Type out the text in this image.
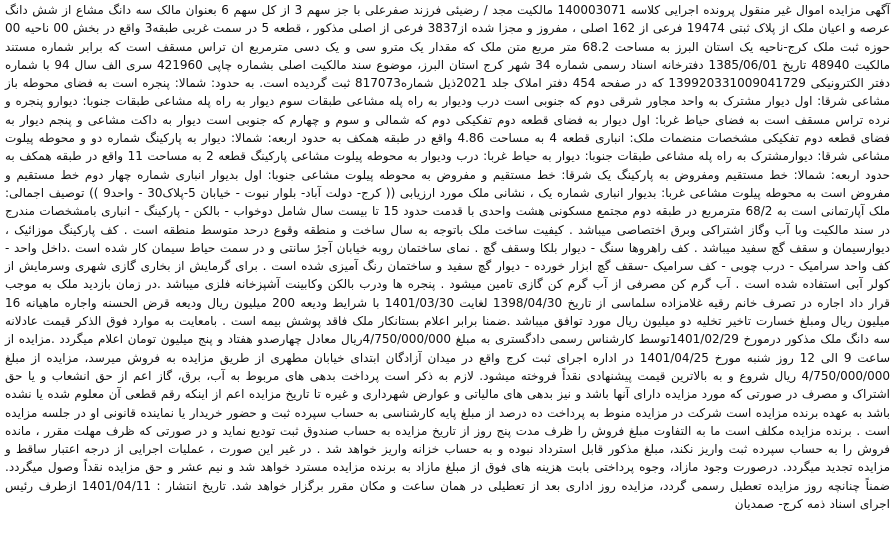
آگهی مزایده اموال غیر منقول پرونده اجرایی کلاسه 140003071 مالکیت مجد / رضیئی فرزند صفرعلی با جز سهم 3 از کل سهم 6 بعنوان مالک سه دانگ مشاع از شش دانگ عرصه و اعیان ملک از پلاک ثبتی 19474 فرعی از 162 اصلی ، مفروز و مجزا شده از3837 فرعی از اصلی مذکور ، قطعه 5 در سمت غربی طبقه3 واقع در بخش 00 ناحیه 00 حوزه ثبت ملک کرج-ناحیه یک استان البرز به مساحت 68.2 متر مربع متن ملک که مقدار یک مترو سی و یک دسی مترمربع ان تراس مسقف است که برابر شماره مستند مالکیت 48940 تاریخ 1385/06/01 دفترخانه اسناد رسمی شماره 34 شهر کرج استان البرز، موضوع سند مالکیت اصلی بشماره چاپی 421960 سری الف سال 94 با شماره دفتر الکترونیکی 139920331009041729 که در صفحه 454 دفتر املاک جلد 2021ذیل شماره817073 ثبت گردیده است. به حدود: شمالا: پنجره است به فضای محوطه باز مشاعی شرقا: اول دیوار مشترک به واحد مجاور شرقی دوم که جنوبی است درب ودیوار به راه پله مشاعی طبقات سوم دیوار به راه پله مشاعی طبقات جنوبا: دیوارو پنجره و نرده تراس مسقف است به فضای حیاط غربا: اول دیوار به فضای قطعه دوم تفکیکی دوم که شمالی و سوم و چهارم که جنوبی است دیوار به داکت مشاعی و پنجم دیوار به فضای قطعه دوم تفکیکی مشخصات منضمات ملک: انباری قطعه 4 به مساحت 4.86 واقع در طبقه همکف به حدود اربعه: شمالا: دیوار به پارکینگ شماره دو و محوطه پیلوت مشاعی شرقا: دیوارمشترک به راه پله مشاعی طبقات جنوبا: دیوار به حیاط غربا: درب ودیوار به محوطه پیلوت مشاعی پارکینگ قطعه 2 به مساحت 11 واقع در طبقه همکف به حدود اربعه: شمالا: خط مستقیم ومفروض به پارکینگ یک شرقا: خط مستقیم و مفروض به محوطه پیلوت مشاعی جنوبا: اول بدیوار انباری شماره چهار دوم خط مستقیم و مفروض است به محوطه پیلوت مشاعی غربا: بدیوار انباری شماره یک ، نشانی ملک مورد ارزیابی (( کرج- دولت آباد- بلوار نبوت - خیابان 5-پلاک30 - واحد9 )) توصیف اجمالی: ملک آپارتمانی است به 68/2 مترمربع در طبقه دوم مجتمع مسکونی هشت واحدی با قدمت حدود 15 تا بیست سال شامل دوخواب - بالکن - پارکینگ - انباری بامشخصات مندرج در سند مالکیت وبا آب وگاز اشتراکی وبرق اختصاصی میباشد . کیفیت ساخت ملک باتوجه به سال ساخت و منطقه وقوع درحد متوسط منطقه است . کف پارکینگ موزائیک ، دیوارسیمان و سقف گچ سفید میباشد . کف راهروها سنگ - دیوار بلکا وسقف گچ . نمای ساختمان روبه خیابان آجرٔ سانتی و در سمت حیاط سیمان کار شده است .داخل واحد - کف واحد سرامیک - درب چوبی - کف سرامیک -سقف گچ ابزار خورده - دیوار گچ سفید و ساختمان رنگ آمیزی شده است . برای گرمایش از بخاری گازی شهری وسرمایش از کولر آبی استفاده شده است . آب گرم کن مصرفی از آب گرم کن گازی تامین میشود . پنجره ها ودرب بالکن وکابینت آشپزخانه فلزی میباشد .در زمان بازدید ملک به موجب قرار داد اجاره در تصرف خانم رقیه غلامزاده سلماسی از تاریخ 1398/04/30 لغایت 1401/03/30 با شرایط ودیعه 200 میلیون ریال ودیعه قرض الحسنه واجاره ماهیانه 16 میلیون ریال ومبلغ خسارت تاخیر تخلیه دو میلیون ریال مورد توافق میباشد .ضمنا برابر اعلام بستانکار ملک فاقد پوشش بیمه است . بامعایت به موارد فوق الذکر قیمت عادلانه سه دانگ ملک مذکور درمورخ 1401/02/29توسط کارشناس رسمی دادگستری به مبلغ 4/750/000/000ریال معادل چهارصدو هفتاد و پنج میلیون تومان اعلام میگردد .مزایده از ساعت 9 الی 12 روز شنبه مورخ 1401/04/25 در اداره اجرای ثبت کرج واقع در میدان آزادگان ابتدای خیابان مطهری از طریق مزایده به فروش میرسد، مزایده از مبلغ 4/750/000/000 ریال شروع و به بالاترین قیمت پیشنهادی نقداً فروخته میشود. لازم به ذکر است پرداخت بدهی های مربوط به آب، برق، گاز اعم از حق انشعاب و یا حق اشتراک و مصرف در صورتی که مورد مزایده دارای آنها باشد و نیز بدهی های مالیاتی و عوارض شهرداری و غیره تا تاریخ مزایده اعم از اینکه رقم قطعی آن معلوم شده یا نشده باشد به عهده برنده مزایده است شرکت در مزایده منوط به پرداخت ده درصد از مبلغ پایه کارشناسی به حساب سپرده ثبت و حضور خریدار یا نماینده قانونی او در جلسه مزایده است . برنده مزایده مکلف است ما به التفاوت مبلغ فروش را ظرف مدت پنج روز از تاریخ مزایده به حساب صندوق ثبت تودیع نماید و در صورتی که ظرف مهلت مقرر ، مانده فروش را به حساب سپرده ثبت واریز نکند، مبلغ مذکور قابل استرداد نبوده و به حساب خزانه واریز خواهد شد . در غیر این صورت ، عملیات اجرایی از درجه اعتبار ساقط و مزایده تجدید میگردد. درصورت وجود مازاد، وجوه پرداختی بابت هزینه های فوق از مبلغ مازاد به برنده مزایده مسترد خواهد شد و نیم عشر و حق مزایده نقداً وصول میگردد. ضمناً چنانچه روز مزایده تعطیل رسمی گردد، مزایده روز اداری بعد از تعطیلی در همان ساعت و مکان مقرر برگزار خواهد شد. تاریخ انتشار : 1401/04/11 ازطرف رئیس اجرای اسناد ذمه کرج- صمدیان
